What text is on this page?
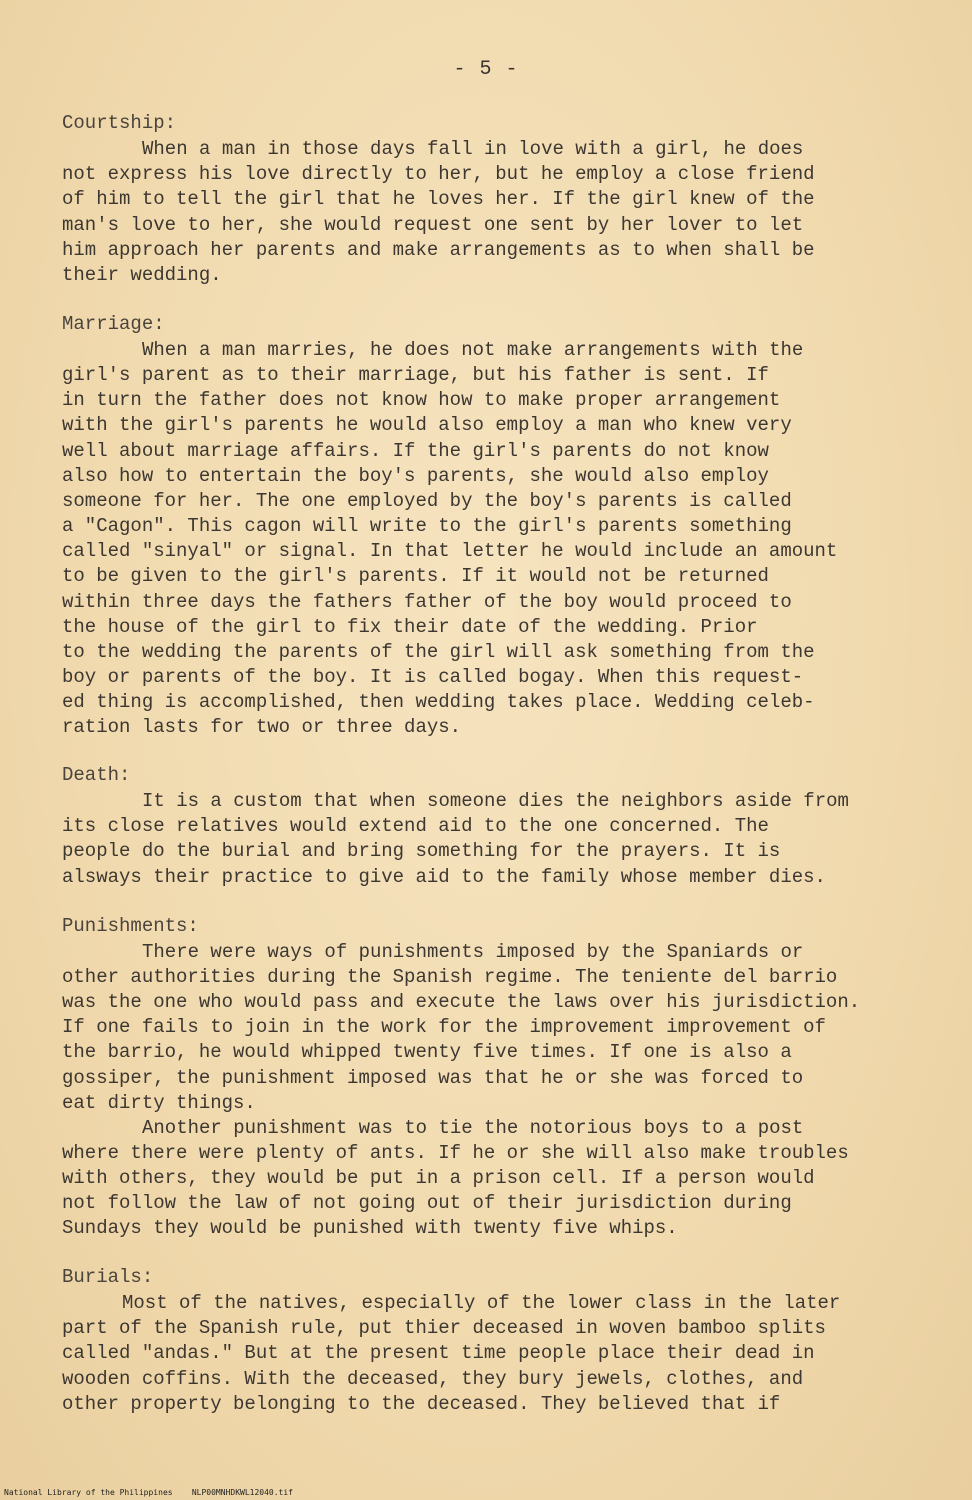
- 5 -
Courtship:
When a man in those days fall in love with a girl, he does
not express his love directly to her, but he employ a close friend
of him to tell the girl that he loves her. If the girl knew of the
man's love to her, she would request one sent by her lover to let
him approach her parents and make arrangements as to when shall be
their wedding.
Marriage:
When a man marries, he does not make arrangements with the
girl's parent as to their marriage, but his father is sent. If
in turn the father does not know how to make proper arrangement
with the girl's parents he would also employ a man who knew very
well about marriage affairs. If the girl's parents do not know
also how to entertain the boy's parents, she would also employ
someone for her. The one employed by the boy's parents is called
a "Cagon". This cagon will write to the girl's parents something
called "sinyal" or signal. In that letter he would include an amount
to be given to the girl's parents. If it would not be returned
within three days the fathers father of the boy would proceed to
the house of the girl to fix their date of the wedding. Prior
to the wedding the parents of the girl will ask something from the
boy or parents of the boy. It is called bogay. When this request-
ed thing is accomplished, then wedding takes place. Wedding celeb-
ration lasts for two or three days.
Death:
It is a custom that when someone dies the neighbors aside from
its close relatives would extend aid to the one concerned. The
people do the burial and bring something for the prayers. It is
alsways their practice to give aid to the family whose member dies.
Punishments:
There were ways of punishments imposed by the Spaniards or
other authorities during the Spanish regime. The teniente del barrio
was the one who would pass and execute the laws over his jurisdiction.
If one fails to join in the work for the improvement improvement of
the barrio, he would whipped twenty five times. If one is also a
gossiper, the punishment imposed was that he or she was forced to
eat dirty things.
Another punishment was to tie the notorious boys to a post
where there were plenty of ants. If he or she will also make troubles
with others, they would be put in a prison cell. If a person would
not follow the law of not going out of their jurisdiction during
Sundays they would be punished with twenty five whips.
Burials:
Most of the natives, especially of the lower class in the later
part of the Spanish rule, put thier deceased in woven bamboo splits
called "andas." But at the present time people place their dead in
wooden coffins. With the deceased, they bury jewels, clothes, and
other property belonging to the deceased. They believed that if
National Library of the Philippines    NLP00MNHDKWL12040.tif
